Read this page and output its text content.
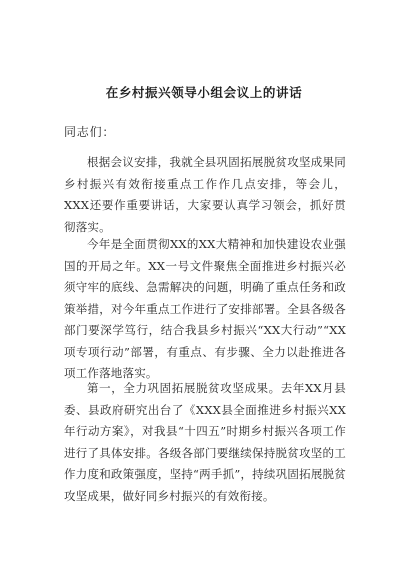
在乡村振兴领导小组会议上的讲话
同志们：

根据会议安排，我就全县巩固拓展脱贫攻坚成果同乡村振兴有效衔接重点工作作几点安排，等会儿，XXX还要作重要讲话，大家要认真学习领会，抓好贯彻落实。

今年是全面贯彻XX的XX大精神和加快建设农业强国的开局之年。XX一号文件聚焦全面推进乡村振兴必须守牢的底线、急需解决的问题，明确了重点任务和政策举措，对今年重点工作进行了安排部署。全县各级各部门要深学笃行，结合我县乡村振兴“XX大行动”“XX项专项行动”部署，有重点、有步骤、全力以赴推进各项工作落地落实。

第一，全力巩固拓展脱贫攻坚成果。去年XX月县委、县政府研究出台了《XXX县全面推进乡村振兴XX年行动方案》，对我县“十四五”时期乡村振兴各项工作进行了具体安排。各级各部门要继续保持脱贫攻坚的工作力度和政策强度，坚持“两手抓”，持续巩固拓展脱贫攻坚成果，做好同乡村振兴的有效衔接。
